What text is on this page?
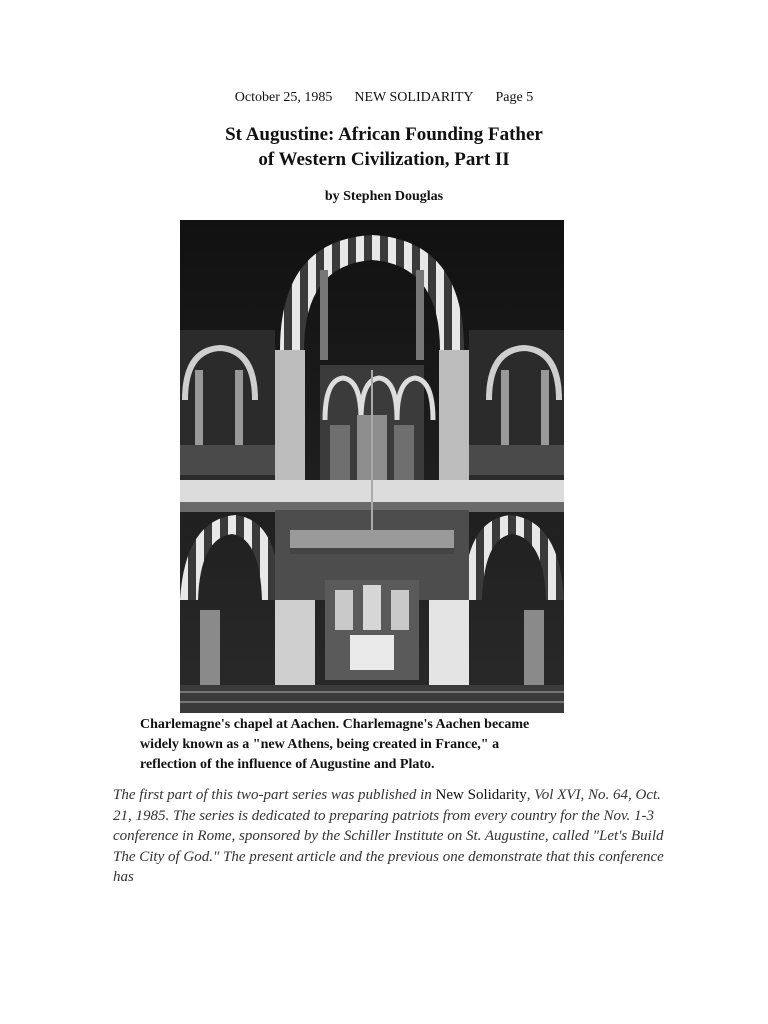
October 25, 1985 NEW SOLIDARITY Page 5
St Augustine: African Founding Father
of Western Civilization, Part II
by Stephen Douglas
Charlemagne's chapel at Aachen. Charlemagne's Aachen became
widely known as a "new Athens, being created in France," a
reflection of the influence of Augustine and Plato.
The first part of this two-part series was published in New Solidarity, Vol XVI, No. 64, Oct. 21, 1985. The series is dedicated to preparing patriots from every country for the Nov. 1-3 conference in Rome, sponsored by the Schiller Institute on St. Augustine, called "Let's Build The City of God." The present article and the previous one demonstrate that this conference has
